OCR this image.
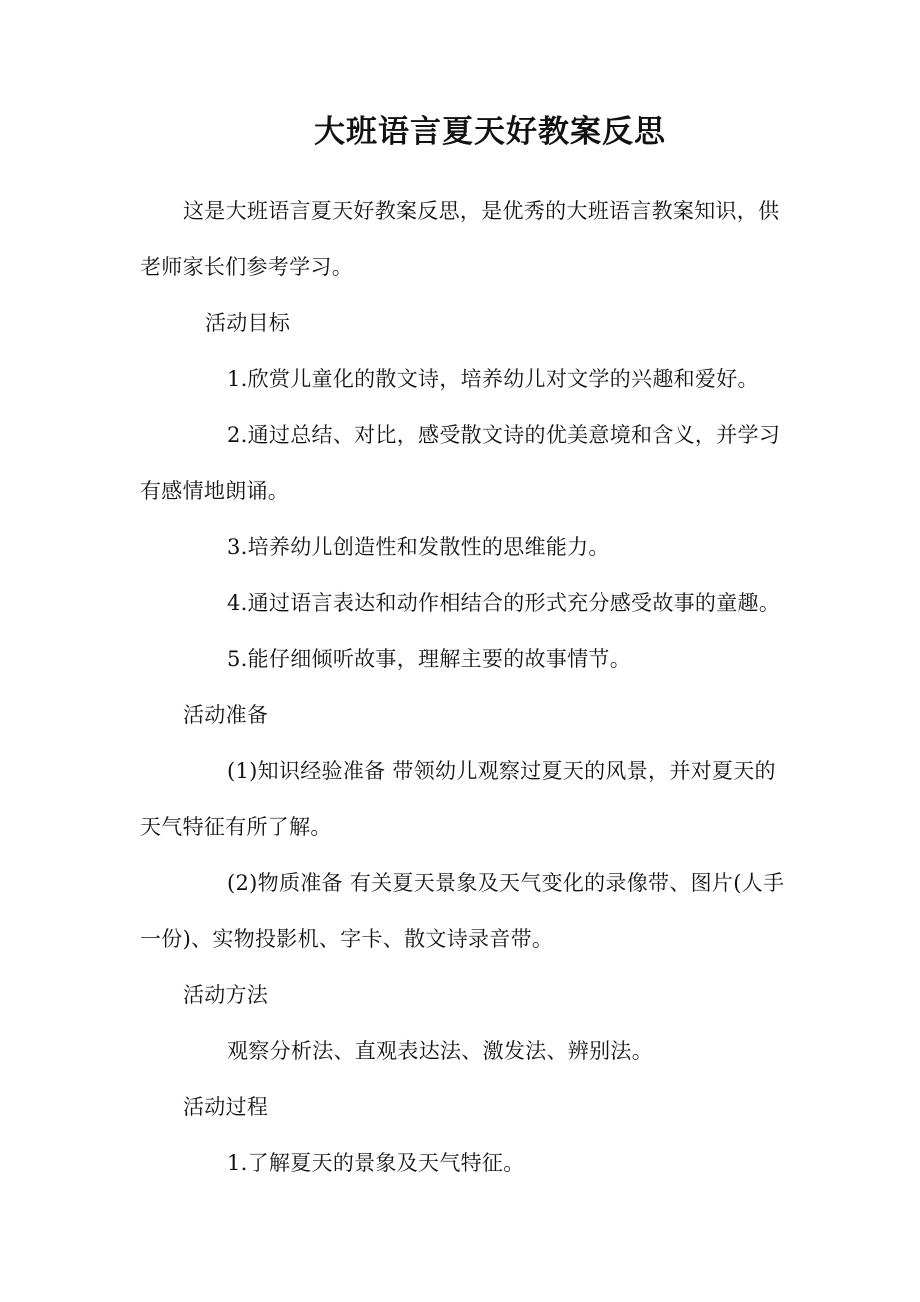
大班语言夏天好教案反思

这是大班语言夏天好教案反思，是优秀的大班语言教案知识，供

老师家长们参考学习。

活动目标

1.欣赏儿童化的散文诗，培养幼儿对文学的兴趣和爱好。

2.通过总结、对比，感受散文诗的优美意境和含义，并学习

有感情地朗诵。

3.培养幼儿创造性和发散性的思维能力。

4.通过语言表达和动作相结合的形式充分感受故事的童趣。

5.能仔细倾听故事，理解主要的故事情节。

活动准备

(1)知识经验准备 带领幼儿观察过夏天的风景，并对夏天的

天气特征有所了解。

(2)物质准备 有关夏天景象及天气变化的录像带、图片(人手

一份)、实物投影机、字卡、散文诗录音带。

活动方法

观察分析法、直观表达法、激发法、辨别法。

活动过程

1.了解夏天的景象及天气特征。
